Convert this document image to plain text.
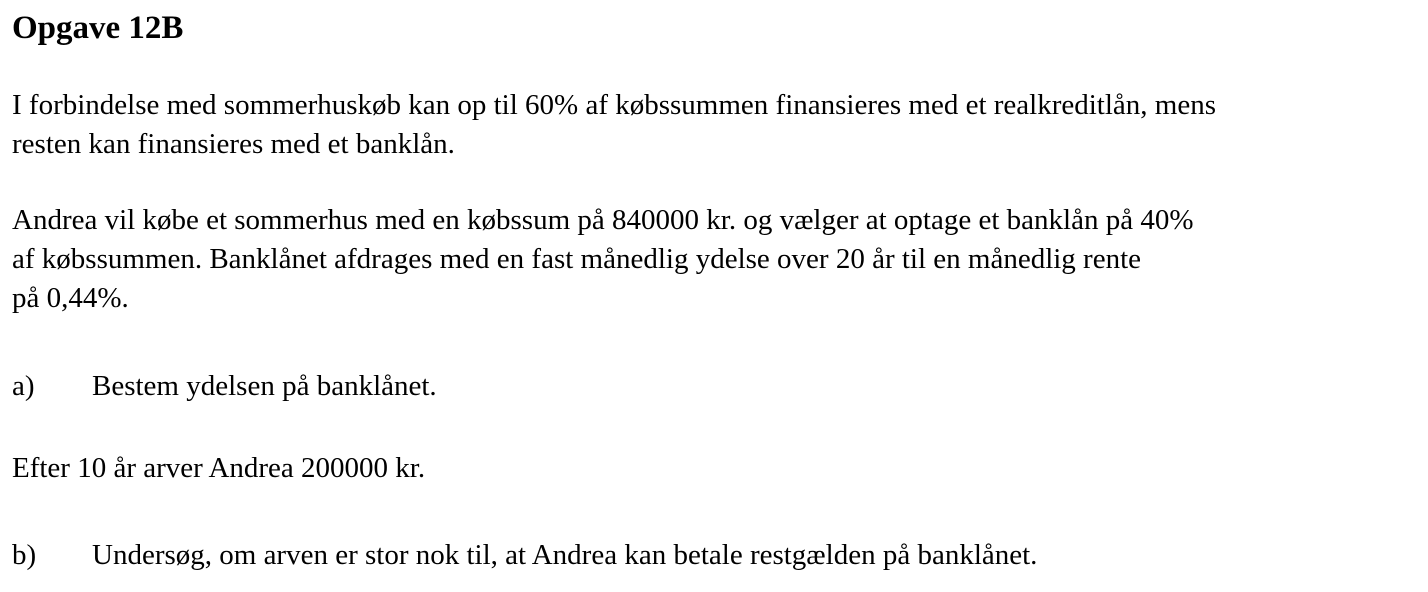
Opgave 12B

I forbindelse med sommerhuskøb kan op til 60% af købssummen finansieres med et realkreditlån, mens
resten kan finansieres med et banklån.

Andrea vil købe et sommerhus med en købssum på 840000 kr. og vælger at optage et banklån på 40%
af købssummen. Banklånet afdrages med en fast månedlig ydelse over 20 år til en månedlig rente
på 0,44%.

a) Bestem ydelsen på banklånet.

Efter 10 år arver Andrea 200000 kr.

b) Undersøg, om arven er stor nok til, at Andrea kan betale restgælden på banklånet.
